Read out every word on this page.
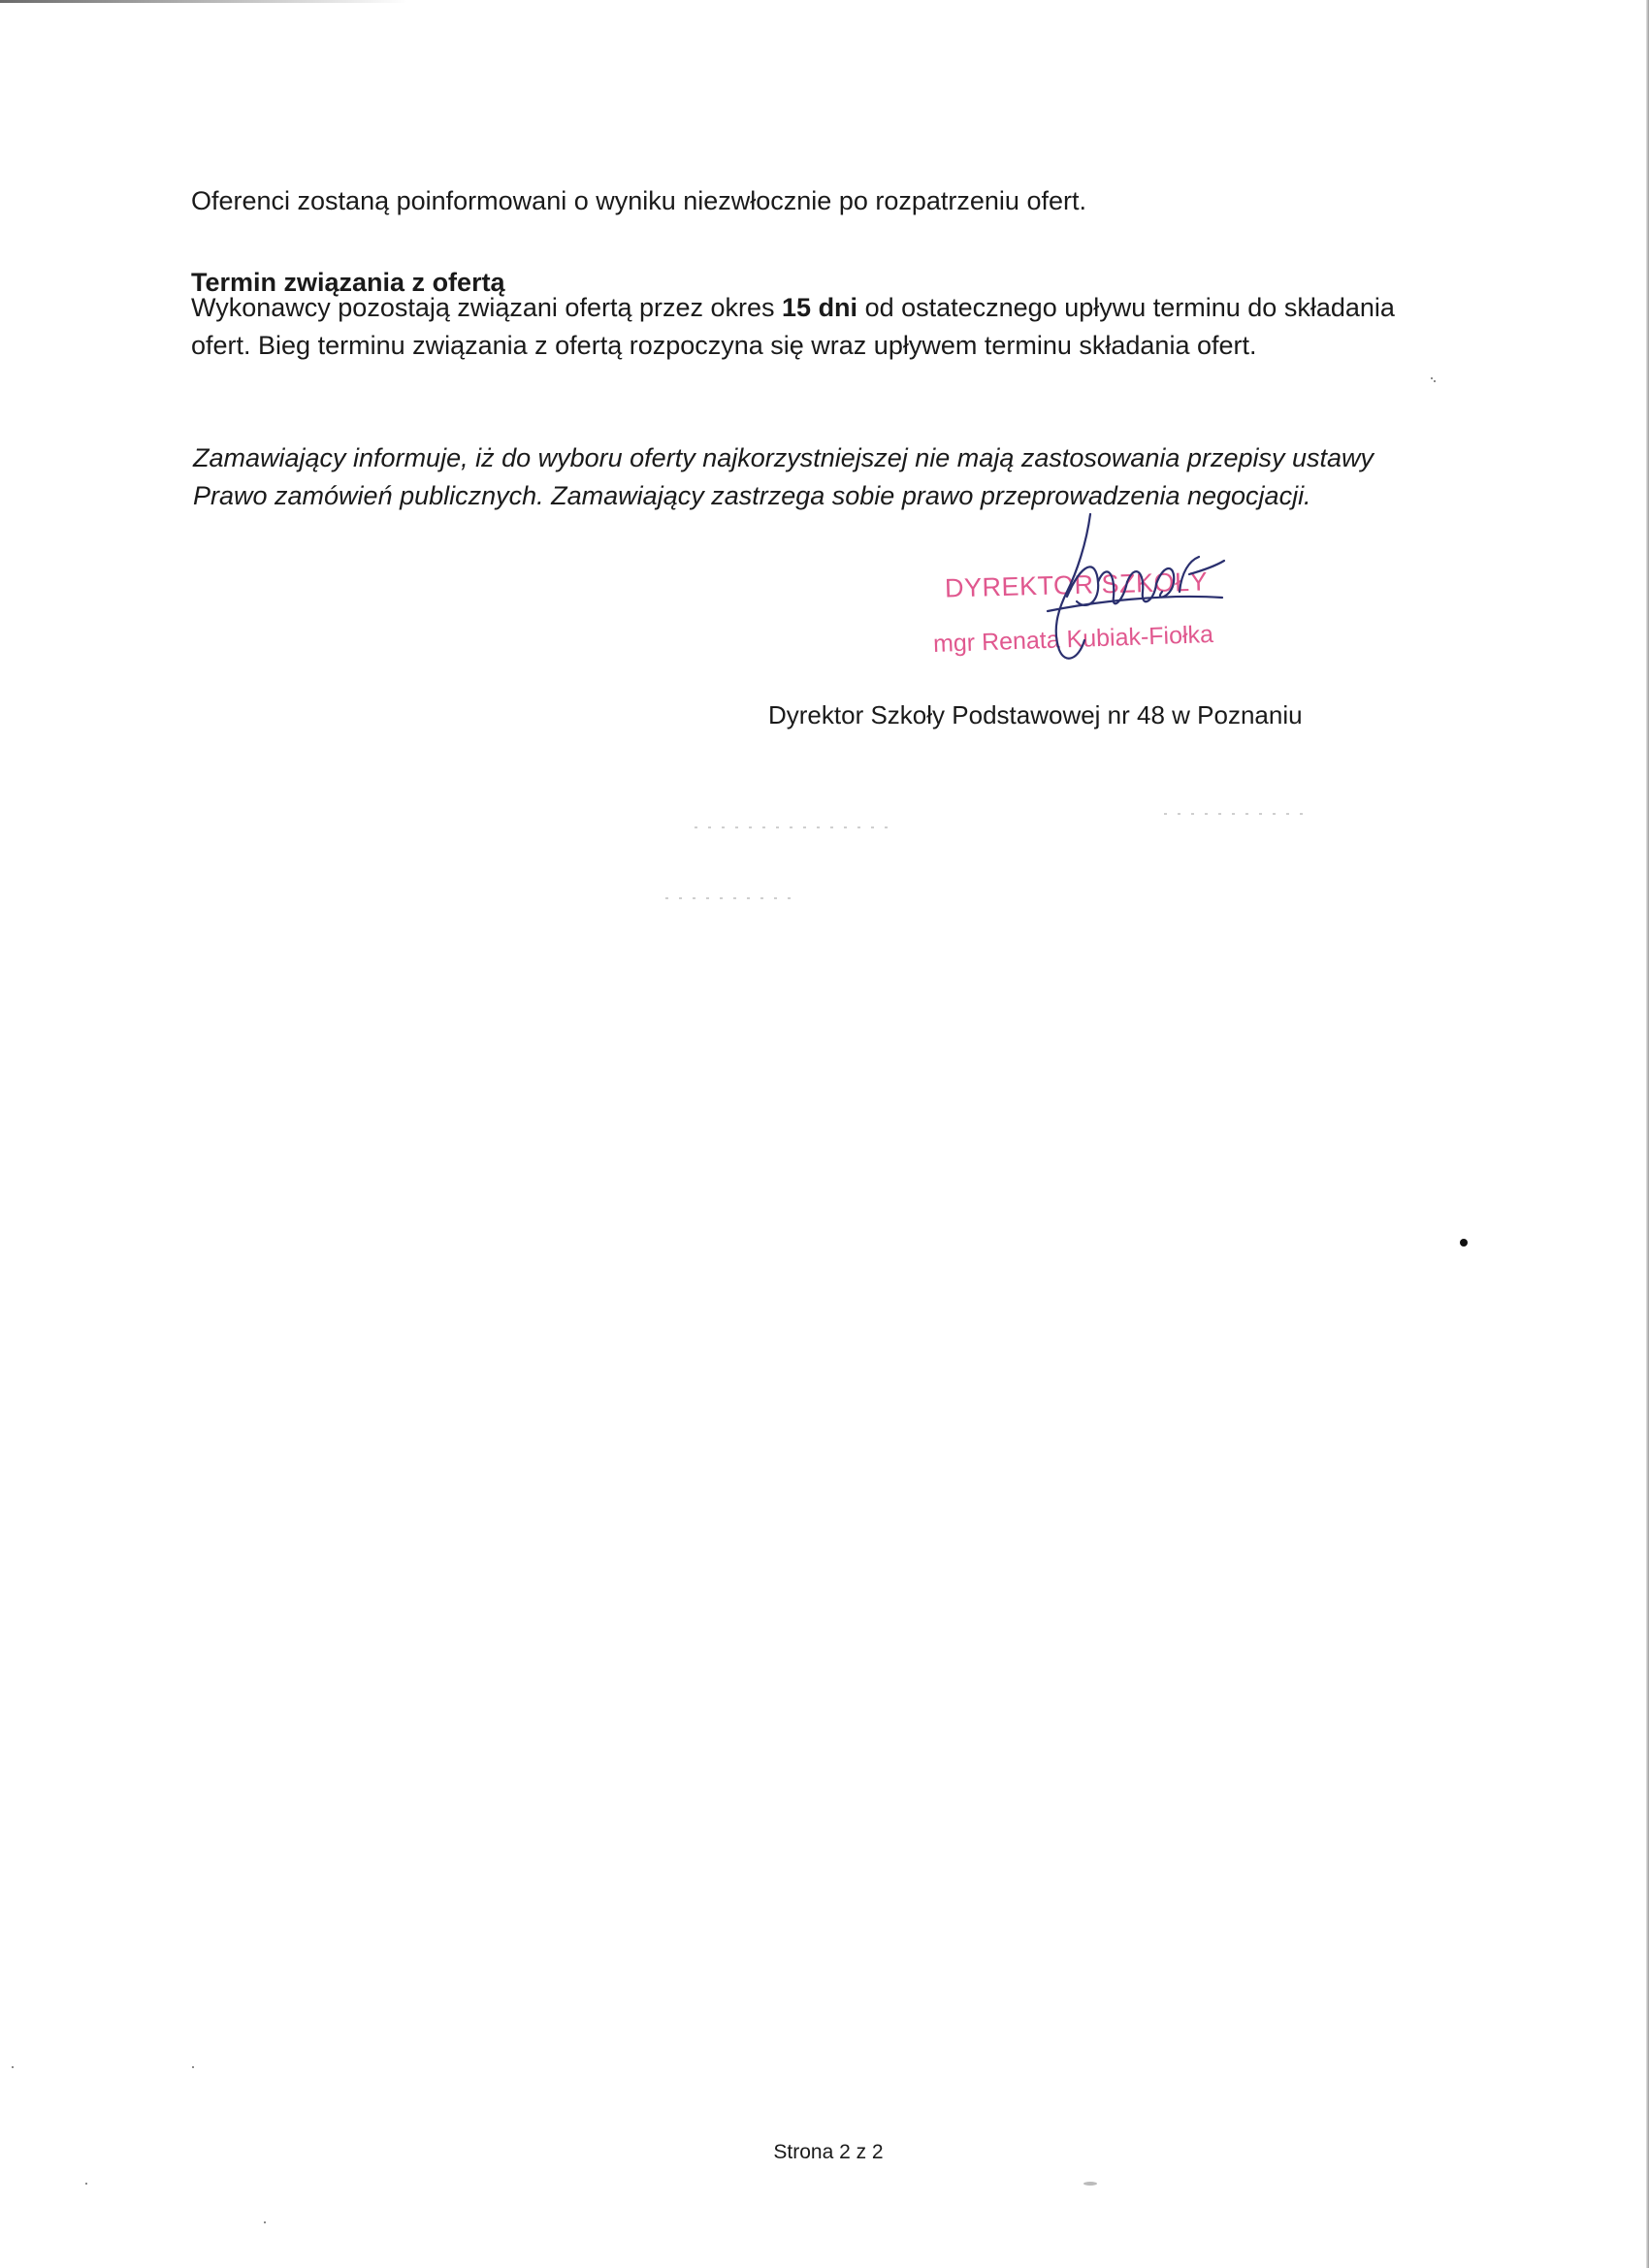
Oferenci zostaną poinformowani o wyniku niezwłocznie po rozpatrzeniu ofert.
Termin związania z ofertą
Wykonawcy pozostają związani ofertą przez okres 15 dni od ostatecznego upływu terminu do składania
ofert. Bieg terminu związania z ofertą rozpoczyna się wraz upływem terminu składania ofert.
Zamawiający informuje, iż do wyboru oferty najkorzystniejszej nie mają zastosowania przepisy ustawy
Prawo zamówień publicznych. Zamawiający zastrzega sobie prawo przeprowadzenia negocjacji.
DYREKTOR SZKOŁY
mgr Renata Kubiak-Fiołka
Dyrektor Szkoły Podstawowej nr 48 w Poznaniu
Strona 2 z 2
